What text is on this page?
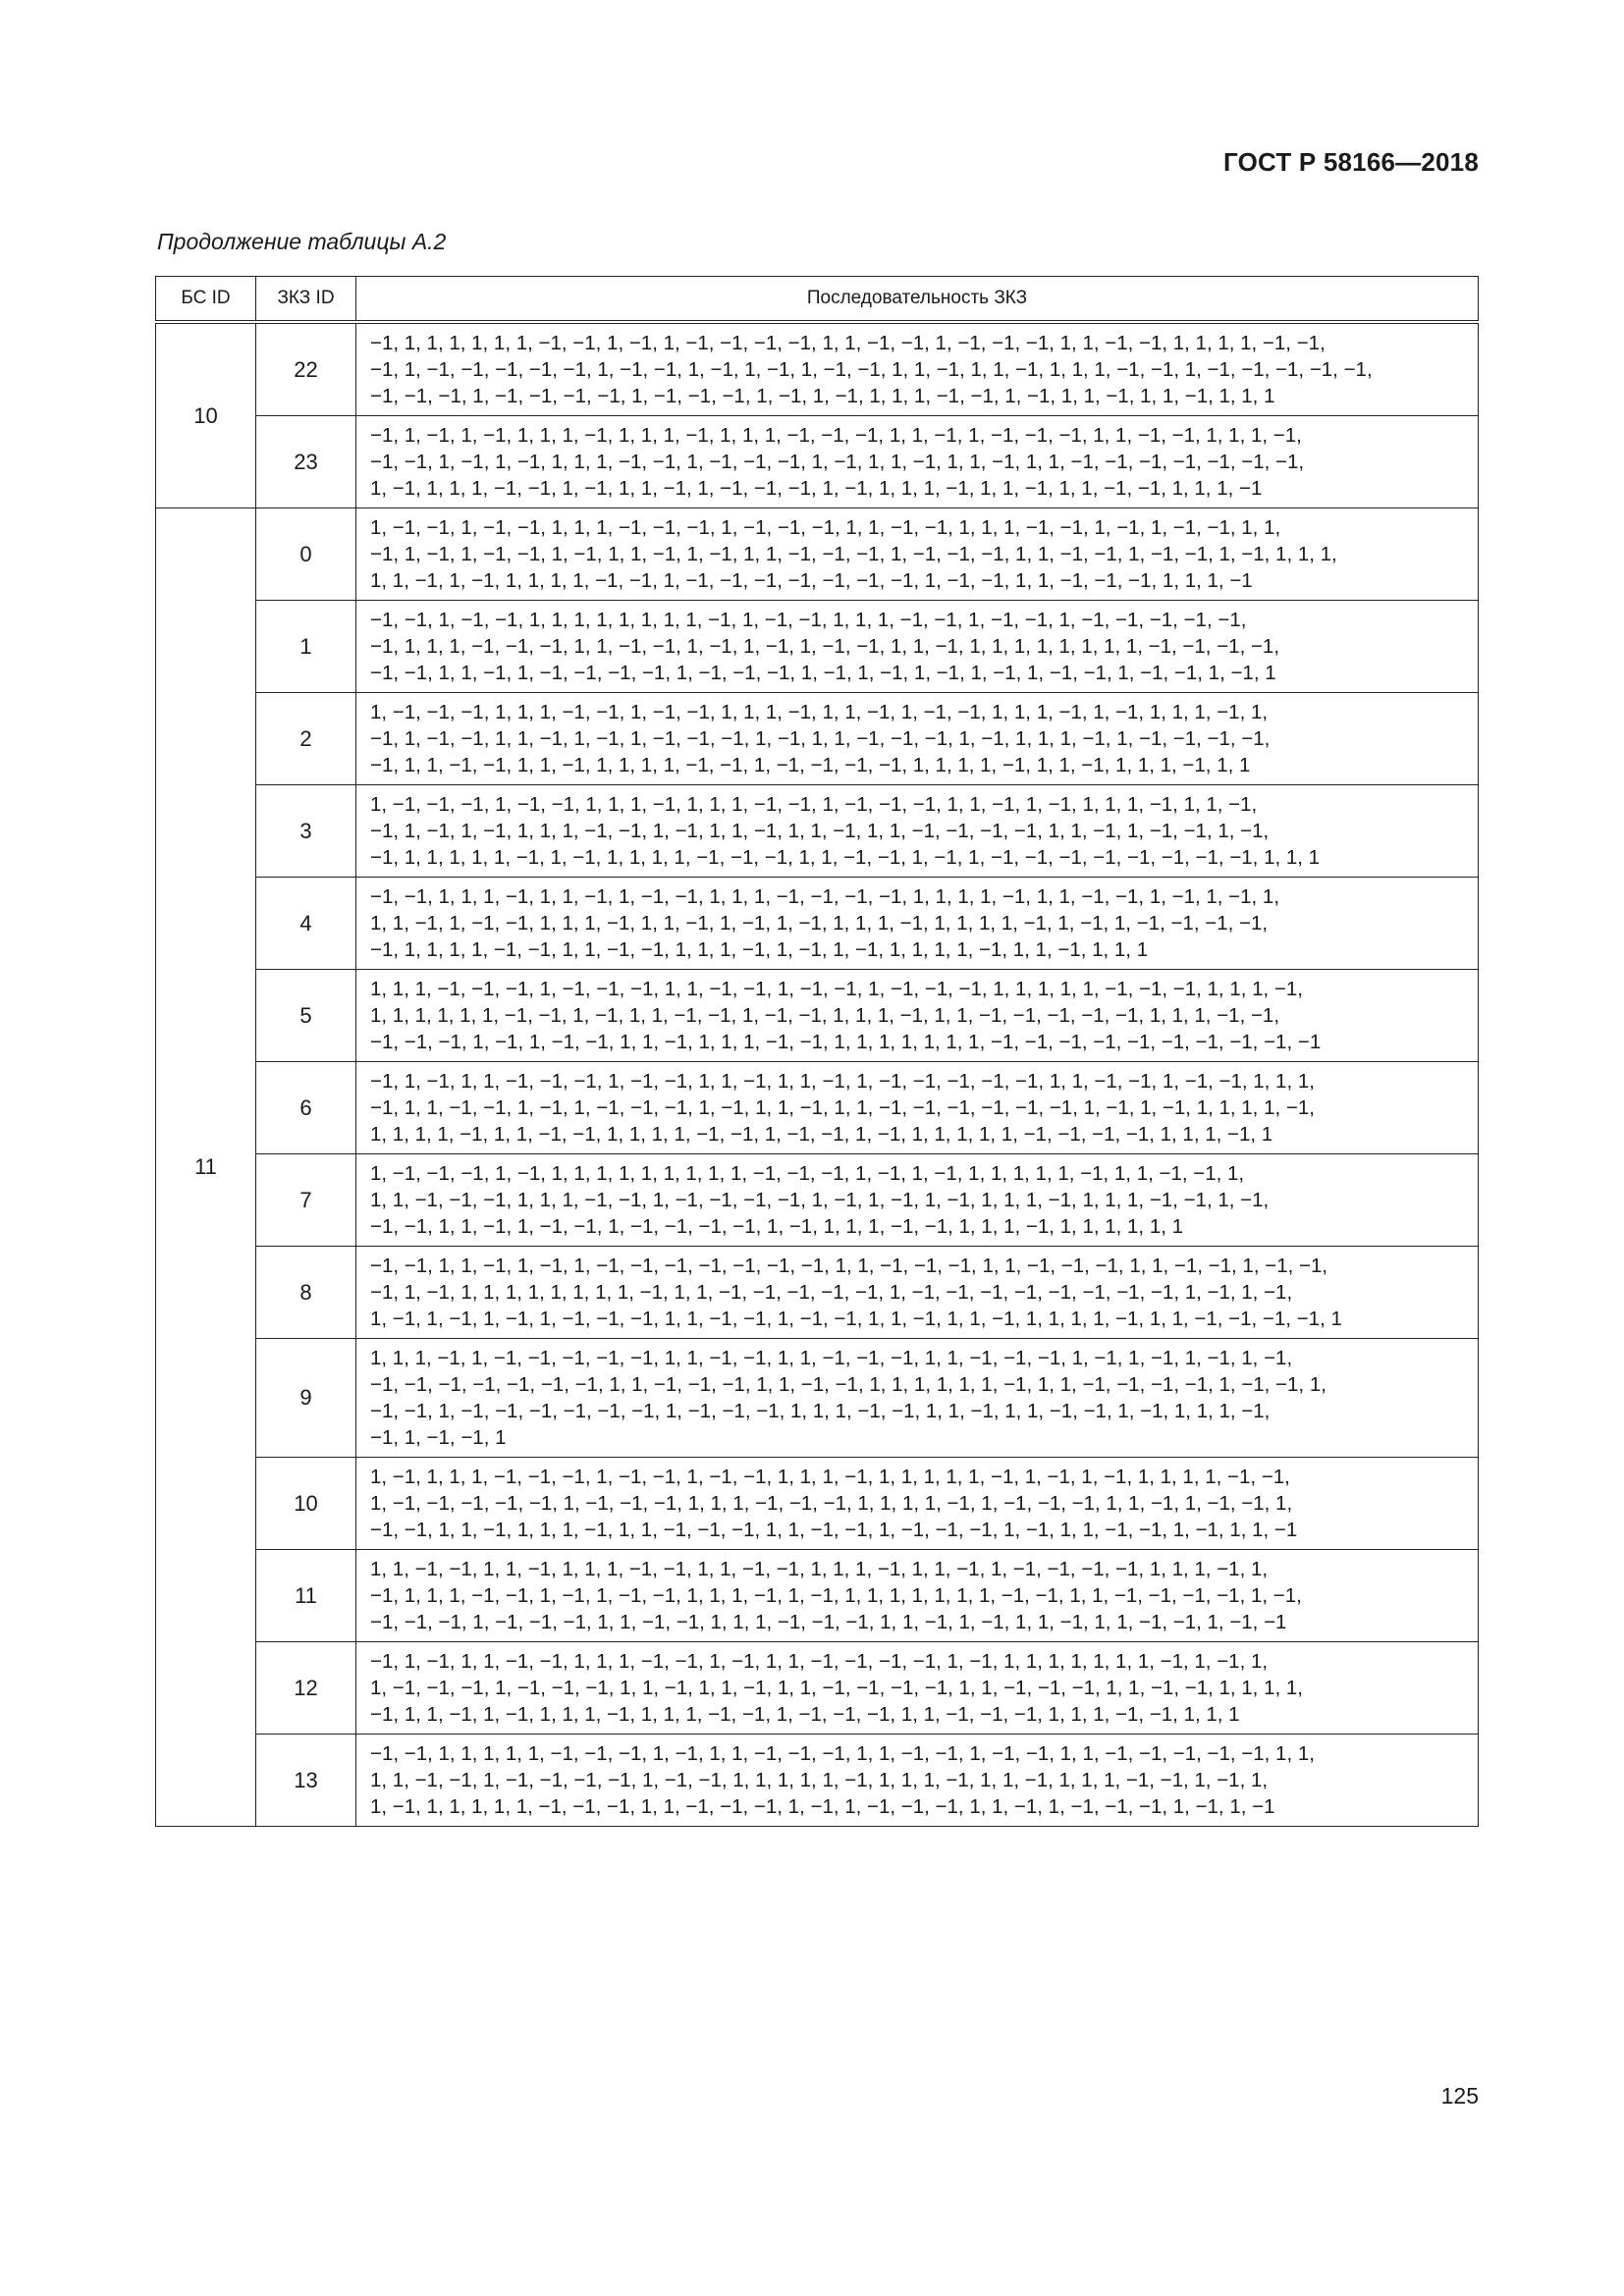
ГОСТ Р 58166—2018
Продолжение таблицы А.2
БС ID	ЗКЗ ID	Последовательность ЗКЗ
10	22	−1, 1, 1, 1, 1, 1, 1, −1, −1, 1, −1, 1, −1, −1, −1, −1, 1, 1, −1, −1, 1, −1, −1, −1, 1, 1, −1, −1, 1, 1, 1, 1, −1, −1,
−1, 1, −1, −1, −1, −1, −1, 1, −1, −1, 1, −1, 1, −1, 1, −1, −1, 1, 1, −1, 1, 1, −1, 1, 1, 1, −1, −1, 1, −1, −1, −1, −1, −1,
−1, −1, −1, 1, −1, −1, −1, −1, 1, −1, −1, −1, 1, −1, 1, −1, 1, 1, 1, −1, −1, 1, −1, 1, 1, −1, 1, 1, −1, 1, 1, 1

	23	−1, 1, −1, 1, −1, 1, 1, 1, −1, 1, 1, 1, −1, 1, 1, 1, −1, −1, −1, 1, 1, −1, 1, −1, −1, −1, 1, 1, −1, −1, 1, 1, 1, −1,
−1, −1, 1, −1, 1, −1, 1, 1, 1, −1, −1, 1, −1, −1, −1, 1, −1, 1, 1, −1, 1, 1, −1, 1, 1, −1, −1, −1, −1, −1, −1, −1,
1, −1, 1, 1, 1, −1, −1, 1, −1, 1, 1, −1, 1, −1, −1, −1, 1, −1, 1, 1, 1, −1, 1, 1, −1, 1, 1, −1, −1, 1, 1, 1, −1

11	0	1, −1, −1, 1, −1, −1, 1, 1, 1, −1, −1, −1, 1, −1, −1, −1, 1, 1, −1, −1, 1, 1, 1, −1, −1, 1, −1, 1, −1, −1, 1, 1,
−1, 1, −1, 1, −1, −1, 1, −1, 1, 1, −1, 1, −1, 1, 1, −1, −1, −1, 1, −1, −1, −1, 1, 1, −1, −1, 1, −1, −1, 1, −1, 1, 1, 1,
1, 1, −1, 1, −1, 1, 1, 1, 1, −1, −1, 1, −1, −1, −1, −1, −1, −1, −1, 1, −1, −1, 1, 1, −1, −1, −1, 1, 1, 1, −1

	1	−1, −1, 1, −1, −1, 1, 1, 1, 1, 1, 1, 1, 1, −1, 1, −1, −1, 1, 1, 1, −1, −1, 1, −1, −1, 1, −1, −1, −1, −1, −1,
−1, 1, 1, 1, −1, −1, −1, 1, 1, −1, −1, 1, −1, 1, −1, 1, −1, −1, 1, 1, −1, 1, 1, 1, 1, 1, 1, 1, 1, −1, −1, −1, −1,
−1, −1, 1, 1, −1, 1, −1, −1, −1, −1, 1, −1, −1, −1, 1, −1, 1, −1, 1, −1, 1, −1, 1, −1, −1, 1, −1, −1, 1, −1, 1

	2	1, −1, −1, −1, 1, 1, 1, −1, −1, 1, −1, −1, 1, 1, 1, −1, 1, 1, −1, 1, −1, −1, 1, 1, 1, −1, 1, −1, 1, 1, 1, −1, 1,
−1, 1, −1, −1, 1, 1, −1, 1, −1, 1, −1, −1, −1, 1, −1, 1, 1, −1, −1, −1, 1, −1, 1, 1, 1, −1, 1, −1, −1, −1, −1,
−1, 1, 1, −1, −1, 1, 1, −1, 1, 1, 1, 1, −1, −1, 1, −1, −1, −1, −1, 1, 1, 1, 1, −1, 1, 1, −1, 1, 1, 1, −1, 1, 1

	3	1, −1, −1, −1, 1, −1, −1, 1, 1, 1, −1, 1, 1, 1, −1, −1, 1, −1, −1, −1, 1, 1, −1, 1, −1, 1, 1, 1, −1, 1, 1, −1,
−1, 1, −1, 1, −1, 1, 1, 1, −1, −1, 1, −1, 1, 1, −1, 1, 1, −1, 1, 1, −1, −1, −1, −1, 1, 1, −1, 1, −1, −1, 1, −1,
−1, 1, 1, 1, 1, 1, −1, 1, −1, 1, 1, 1, 1, −1, −1, −1, 1, 1, −1, −1, 1, −1, 1, −1, −1, −1, −1, −1, −1, −1, −1, 1, 1, 1

	4	−1, −1, 1, 1, 1, −1, 1, 1, −1, 1, −1, −1, 1, 1, 1, −1, −1, −1, −1, 1, 1, 1, 1, −1, 1, 1, −1, −1, 1, −1, 1, −1, 1,
1, 1, −1, 1, −1, −1, 1, 1, 1, −1, 1, 1, −1, 1, −1, 1, −1, 1, 1, 1, −1, 1, 1, 1, 1, −1, 1, −1, 1, −1, −1, −1, −1,
−1, 1, 1, 1, 1, −1, −1, 1, 1, −1, −1, 1, 1, 1, −1, 1, −1, 1, −1, 1, 1, 1, 1, −1, 1, 1, −1, 1, 1, 1

	5	1, 1, 1, −1, −1, −1, 1, −1, −1, −1, 1, 1, −1, −1, 1, −1, −1, 1, −1, −1, −1, 1, 1, 1, 1, 1, −1, −1, −1, 1, 1, 1, −1,
1, 1, 1, 1, 1, 1, −1, −1, 1, −1, 1, 1, −1, −1, 1, −1, −1, 1, 1, 1, −1, 1, 1, −1, −1, −1, −1, −1, 1, 1, 1, −1, −1,
−1, −1, −1, 1, −1, 1, −1, −1, 1, 1, −1, 1, 1, 1, −1, −1, 1, 1, 1, 1, 1, 1, 1, −1, −1, −1, −1, −1, −1, −1, −1, −1, −1

	6	−1, 1, −1, 1, 1, −1, −1, −1, 1, −1, −1, 1, 1, −1, 1, 1, −1, 1, −1, −1, −1, −1, −1, 1, 1, −1, −1, 1, −1, −1, 1, 1, 1,
−1, 1, 1, −1, −1, 1, −1, 1, −1, −1, −1, 1, −1, 1, 1, −1, 1, 1, −1, −1, −1, −1, −1, −1, 1, −1, 1, −1, 1, 1, 1, 1, −1,
1, 1, 1, 1, −1, 1, 1, −1, −1, 1, 1, 1, 1, −1, −1, 1, −1, −1, 1, −1, 1, 1, 1, 1, 1, −1, −1, −1, −1, 1, 1, 1, −1, 1

	7	1, −1, −1, −1, 1, −1, 1, 1, 1, 1, 1, 1, 1, 1, 1, −1, −1, −1, 1, −1, 1, −1, 1, 1, 1, 1, 1, −1, 1, 1, −1, −1, 1,
1, 1, −1, −1, −1, 1, 1, 1, −1, −1, 1, −1, −1, −1, −1, 1, −1, 1, −1, 1, −1, 1, 1, 1, −1, 1, 1, 1, −1, −1, 1, −1,
−1, −1, 1, 1, −1, 1, −1, −1, 1, −1, −1, −1, −1, 1, −1, 1, 1, 1, −1, −1, 1, 1, 1, −1, 1, 1, 1, 1, 1, 1

	8	−1, −1, 1, 1, −1, 1, −1, 1, −1, −1, −1, −1, −1, −1, −1, 1, 1, −1, −1, −1, 1, 1, −1, −1, −1, 1, 1, −1, −1, 1, −1, −1,
−1, 1, −1, 1, 1, 1, 1, 1, 1, 1, 1, −1, 1, 1, −1, −1, −1, −1, −1, 1, −1, −1, −1, −1, −1, −1, −1, −1, 1, −1, 1, −1,
1, −1, 1, −1, 1, −1, 1, −1, −1, −1, 1, 1, −1, −1, 1, −1, −1, 1, 1, −1, 1, 1, −1, 1, 1, 1, 1, −1, 1, 1, −1, −1, −1, −1, 1

	9	1, 1, 1, −1, 1, −1, −1, −1, −1, −1, 1, 1, −1, −1, 1, 1, −1, −1, −1, 1, 1, −1, −1, −1, 1, −1, 1, −1, 1, −1, 1, −1,
−1, −1, −1, −1, −1, −1, −1, 1, 1, −1, −1, −1, 1, 1, −1, −1, 1, 1, 1, 1, 1, 1, −1, 1, 1, −1, −1, −1, −1, 1, −1, −1, 1,
−1, −1, 1, −1, −1, −1, −1, −1, −1, 1, −1, −1, −1, 1, 1, 1, −1, −1, 1, 1, −1, 1, 1, −1, −1, 1, −1, 1, 1, 1, −1,
−1, 1, −1, −1, 1

	10	1, −1, 1, 1, 1, −1, −1, −1, 1, −1, −1, 1, −1, −1, 1, 1, 1, −1, 1, 1, 1, 1, 1, −1, 1, −1, 1, −1, 1, 1, 1, 1, −1, −1,
1, −1, −1, −1, −1, −1, 1, −1, −1, −1, 1, 1, 1, −1, −1, −1, 1, 1, 1, 1, −1, 1, −1, −1, −1, 1, 1, −1, 1, −1, −1, 1,
−1, −1, 1, 1, −1, 1, 1, 1, −1, 1, 1, −1, −1, −1, 1, 1, −1, −1, 1, −1, −1, −1, 1, −1, 1, 1, −1, −1, 1, −1, 1, 1, −1

	11	1, 1, −1, −1, 1, 1, −1, 1, 1, 1, −1, −1, 1, 1, −1, −1, 1, 1, 1, −1, 1, 1, −1, 1, −1, −1, −1, −1, 1, 1, 1, −1, 1,
−1, 1, 1, 1, −1, −1, 1, −1, 1, −1, −1, 1, 1, 1, −1, 1, −1, 1, 1, 1, 1, 1, 1, 1, −1, −1, 1, 1, −1, −1, −1, −1, 1, −1,
−1, −1, −1, 1, −1, −1, −1, 1, 1, −1, −1, 1, 1, 1, −1, −1, −1, 1, 1, −1, 1, −1, 1, 1, −1, 1, 1, −1, −1, 1, −1, −1

	12	−1, 1, −1, 1, 1, −1, −1, 1, 1, 1, −1, −1, 1, −1, 1, 1, −1, −1, −1, −1, 1, −1, 1, 1, 1, 1, 1, 1, 1, −1, 1, −1, 1,
1, −1, −1, −1, 1, −1, −1, −1, 1, 1, −1, 1, 1, −1, 1, 1, −1, −1, −1, −1, 1, 1, −1, −1, −1, 1, 1, −1, −1, 1, 1, 1, 1,
−1, 1, 1, −1, 1, −1, 1, 1, 1, −1, 1, 1, 1, −1, −1, 1, −1, −1, −1, 1, 1, −1, −1, −1, 1, 1, 1, −1, −1, 1, 1, 1

	13	−1, −1, 1, 1, 1, 1, 1, −1, −1, −1, 1, −1, 1, 1, −1, −1, −1, 1, 1, −1, −1, 1, −1, −1, 1, 1, −1, −1, −1, −1, −1, 1, 1,
1, 1, −1, −1, 1, −1, −1, −1, −1, 1, −1, −1, 1, 1, 1, 1, 1, −1, 1, 1, 1, −1, 1, 1, −1, 1, 1, 1, −1, −1, 1, −1, 1,
1, −1, 1, 1, 1, 1, 1, −1, −1, −1, 1, 1, −1, −1, −1, 1, −1, 1, −1, −1, −1, 1, 1, −1, 1, −1, −1, −1, 1, −1, 1, −1
125
